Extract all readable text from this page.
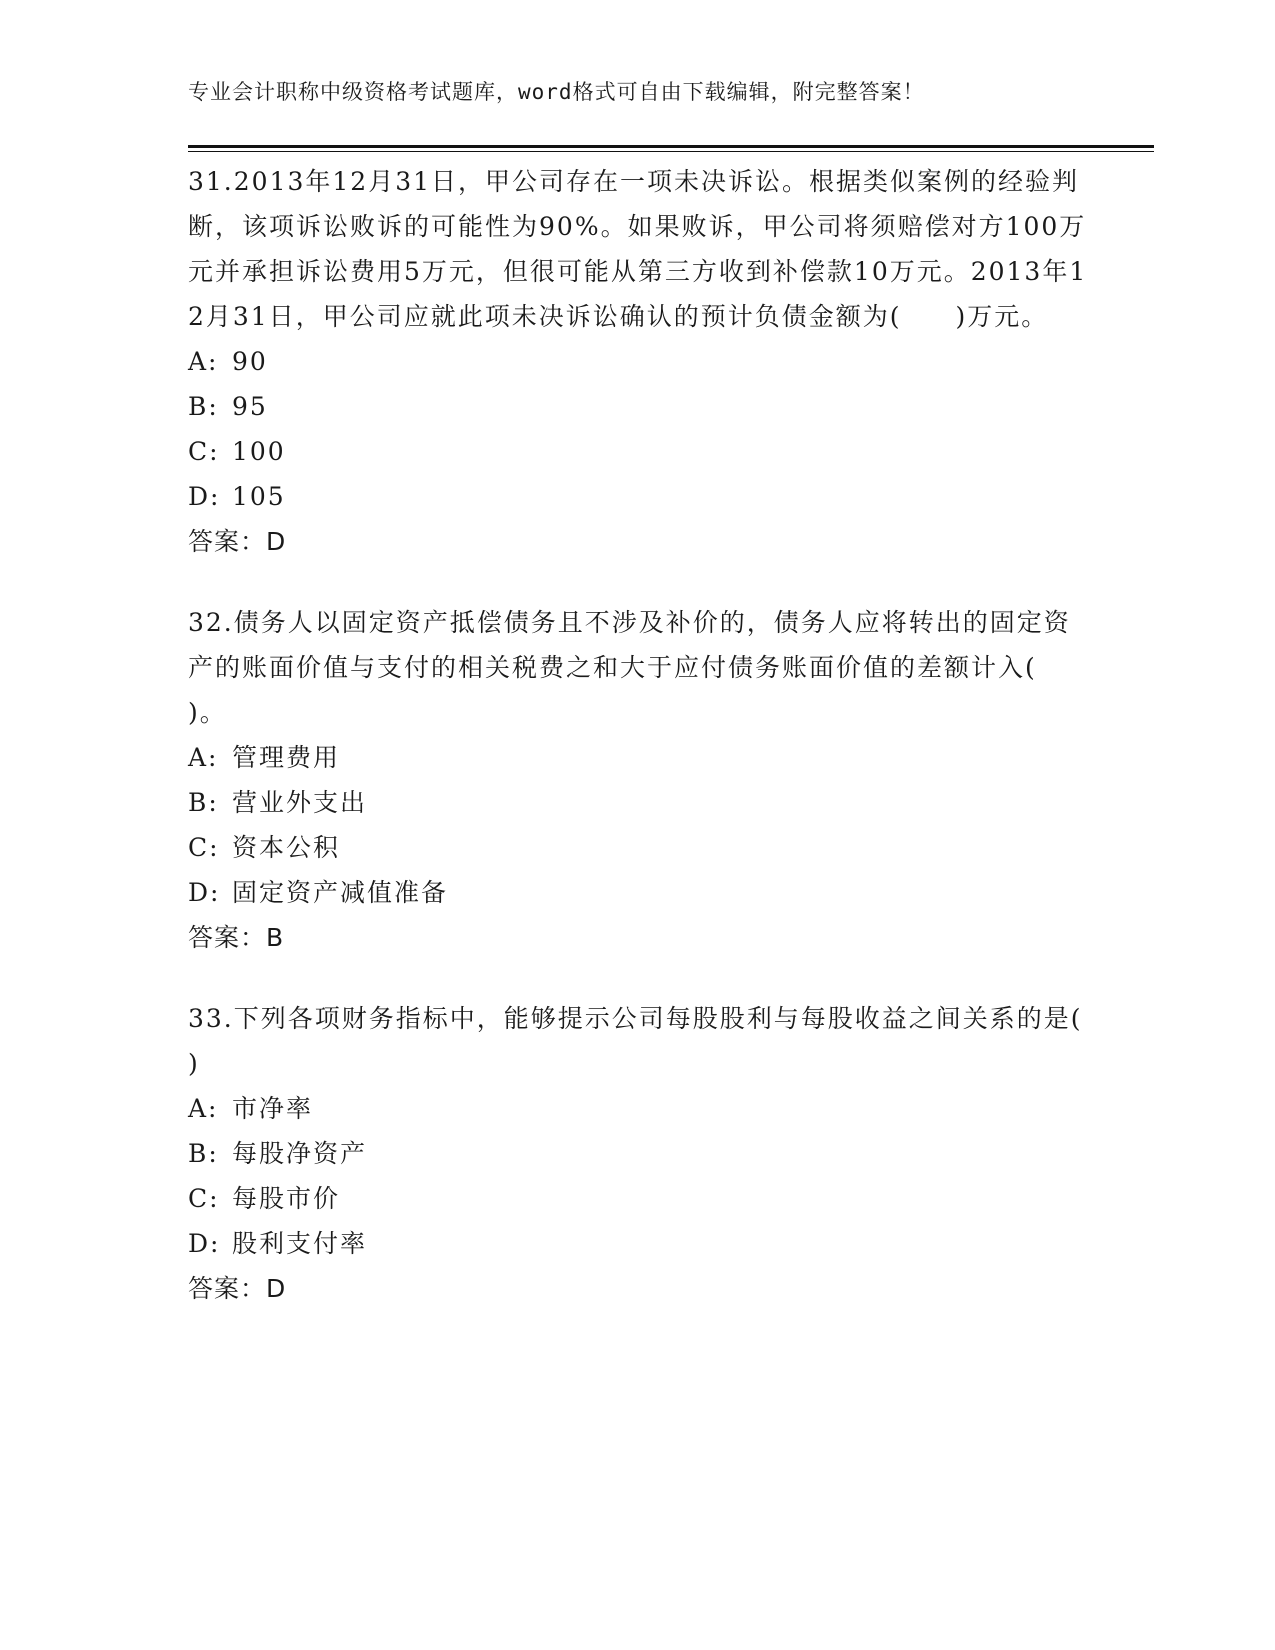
专业会计职称中级资格考试题库，word格式可自由下载编辑，附完整答案！

31.2013年12月31日，甲公司存在一项未决诉讼。根据类似案例的经验判断，该项诉讼败诉的可能性为90%。如果败诉，甲公司将须赔偿对方100万元并承担诉讼费用5万元，但很可能从第三方收到补偿款10万元。2013年12月31日，甲公司应就此项未决诉讼确认的预计负债金额为(　　)万元。

A: 90

B: 95

C: 100

D: 105

答案：D

32.债务人以固定资产抵偿债务且不涉及补价的，债务人应将转出的固定资产的账面价值与支付的相关税费之和大于应付债务账面价值的差额计入(　　)。

A: 管理费用

B: 营业外支出

C: 资本公积

D: 固定资产减值准备

答案：B

33.下列各项财务指标中，能够提示公司每股股利与每股收益之间关系的是(　　)

A: 市净率

B: 每股净资产

C: 每股市价

D: 股利支付率

答案：D
